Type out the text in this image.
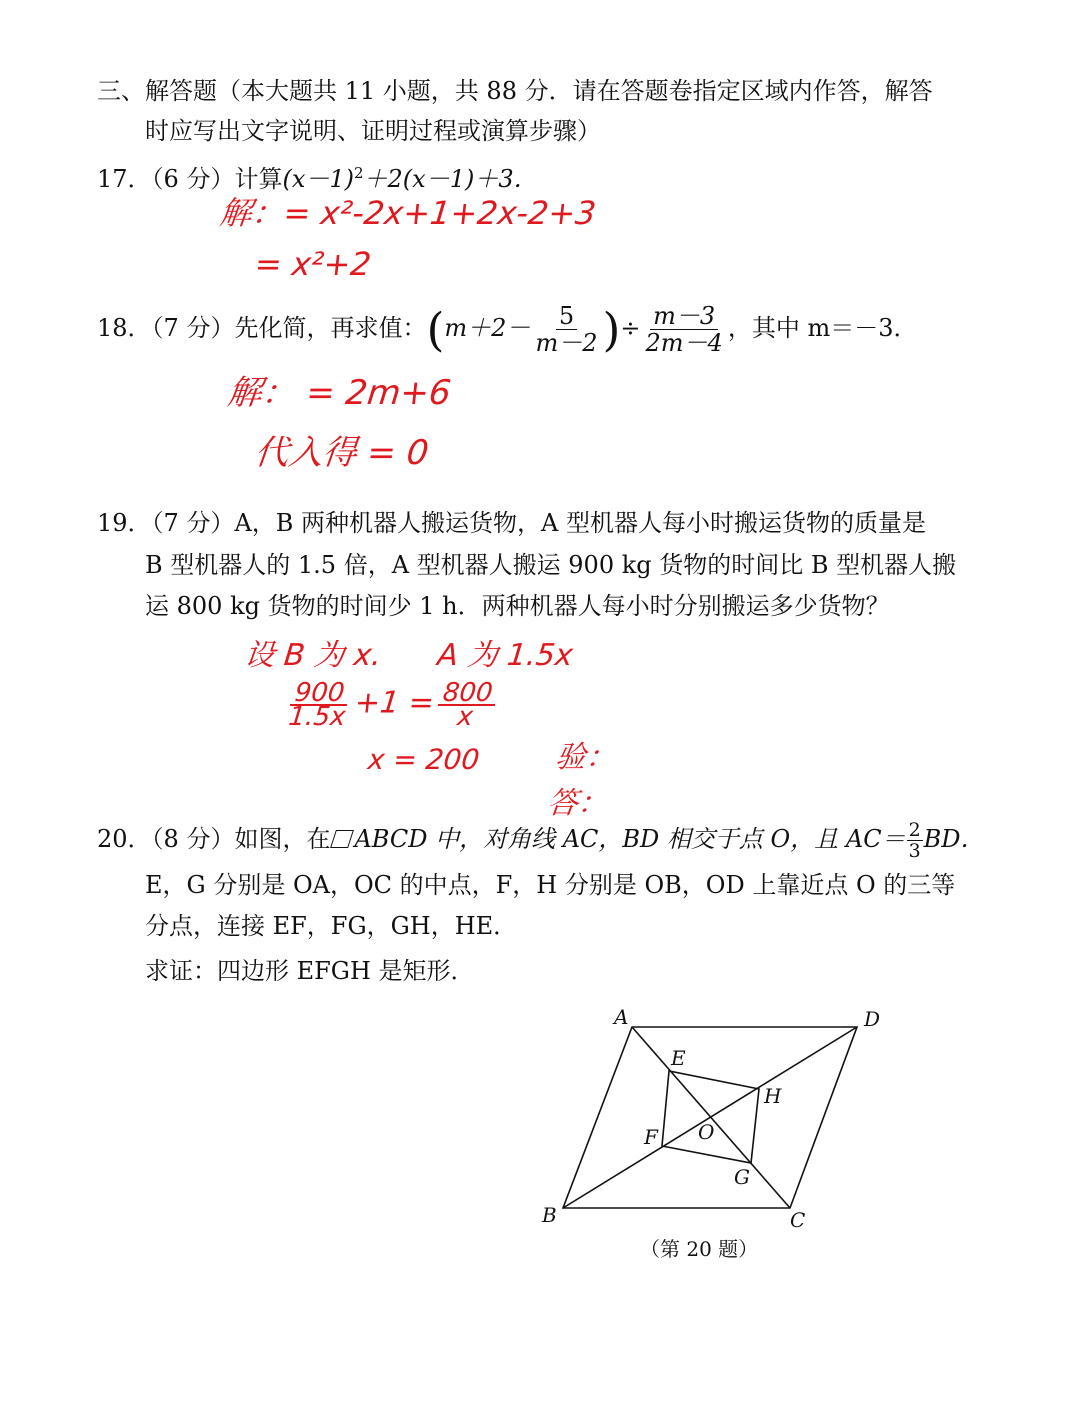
三、解答题（本大题共 11 小题，共 88 分．请在答题卷指定区域内作答，解答
时应写出文字说明、证明过程或演算步骤）
17．（6 分）计算$(x-1)^2+2(x-1)+3$．
解：= x²-2x+1+2x-2+3
= x²+2
18．（7 分）先化简，再求值：($m+2- \frac{5}{m-2}$ )÷ $\frac{m-3}{2m-4}$ ，其中 m＝－3．
解： = 2m+6
代入得 = 0
19．（7 分）A，B 两种机器人搬运货物，A 型机器人每小时搬运货物的质量是
B 型机器人的 1.5 倍，A 型机器人搬运 900 kg 货物的时间比 B 型机器人搬
运 800 kg 货物的时间少 1 h．两种机器人每小时分别搬运多少货物？
设 B 为 x. A 为 1.5x
$\frac{900}{1.5x} +1 = \frac{800}{x}$
x = 200 验：
答：
20．（8 分）如图，在 ABCD 中，对角线 AC，BD 相交于点 O，且 $AC= \frac{2}{3}$ BD．
E，G 分别是 OA，OC 的中点，F，H 分别是 OB，OD 上靠近点 O 的三等
分点，连接 EF，FG，GH，HE．
求证：四边形 EFGH 是矩形．
A	D
B	C
E
F
G
H
O
（第 20 题）
